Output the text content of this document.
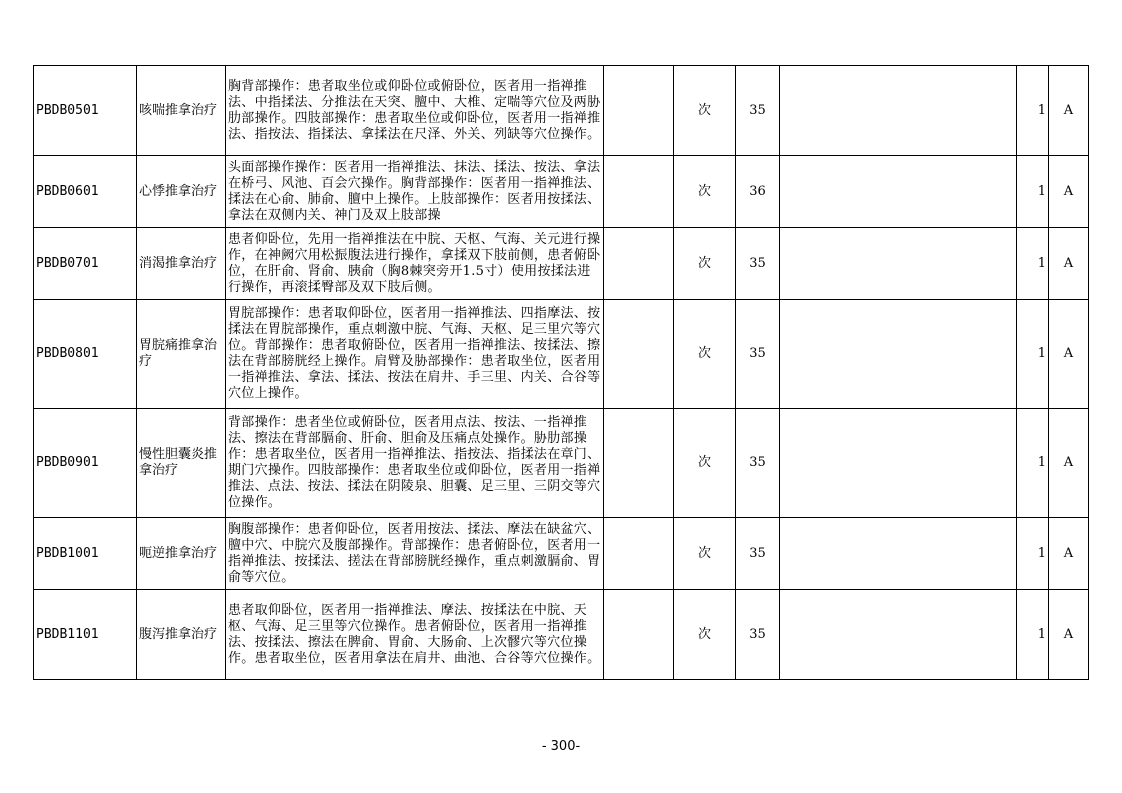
PBDB0501	咳喘推拿治疗	胸背部操作：患者取坐位或仰卧位或俯卧位，医者用一指禅推法、中指揉法、分推法在天突、膻中、大椎、定喘等穴位及两胁肋部操作。四肢部操作：患者取坐位或仰卧位，医者用一指禅推法、指按法、指揉法、拿揉法在尺泽、外关、列缺等穴位操作。		次	35		1	A
PBDB0601	心悸推拿治疗	头面部操作操作：医者用一指禅推法、抹法、揉法、按法、拿法在桥弓、风池、百会穴操作。胸背部操作：医者用一指禅推法、揉法在心俞、肺俞、膻中上操作。上肢部操作：医者用按揉法、拿法在双侧内关、神门及双上肢部操		次	36		1	A
PBDB0701	消渴推拿治疗	患者仰卧位，先用一指禅推法在中脘、天枢、气海、关元进行操作，在神阙穴用松振腹法进行操作，拿揉双下肢前侧，患者俯卧位，在肝俞、肾俞、胰俞（胸8棘突旁开1.5寸）使用按揉法进行操作，再滚揉臀部及双下肢后侧。		次	35		1	A
PBDB0801	胃脘痛推拿治疗	胃脘部操作：患者取仰卧位，医者用一指禅推法、四指摩法、按揉法在胃脘部操作，重点刺激中脘、气海、天枢、足三里穴等穴位。背部操作：患者取俯卧位，医者用一指禅推法、按揉法、擦法在背部膀胱经上操作。肩臂及胁部操作：患者取坐位，医者用一指禅推法、拿法、揉法、按法在肩井、手三里、内关、合谷等穴位上操作。		次	35		1	A
PBDB0901	慢性胆囊炎推拿治疗	背部操作：患者坐位或俯卧位，医者用点法、按法、一指禅推法、擦法在背部膈俞、肝俞、胆俞及压痛点处操作。胁肋部操作：患者取坐位，医者用一指禅推法、指按法、指揉法在章门、期门穴操作。四肢部操作：患者取坐位或仰卧位，医者用一指禅推法、点法、按法、揉法在阴陵泉、胆囊、足三里、三阴交等穴位操作。		次	35		1	A
PBDB1001	呃逆推拿治疗	胸腹部操作：患者仰卧位，医者用按法、揉法、摩法在缺盆穴、膻中穴、中脘穴及腹部操作。背部操作：患者俯卧位，医者用一指禅推法、按揉法、搓法在背部膀胱经操作，重点刺激膈俞、胃俞等穴位。		次	35		1	A
PBDB1101	腹泻推拿治疗	患者取仰卧位，医者用一指禅推法、摩法、按揉法在中脘、天枢、气海、足三里等穴位操作。患者俯卧位，医者用一指禅推法、按揉法、擦法在脾俞、胃俞、大肠俞、上次髎穴等穴位操作。患者取坐位，医者用拿法在肩井、曲池、合谷等穴位操作。		次	35		1	A
- 300-
